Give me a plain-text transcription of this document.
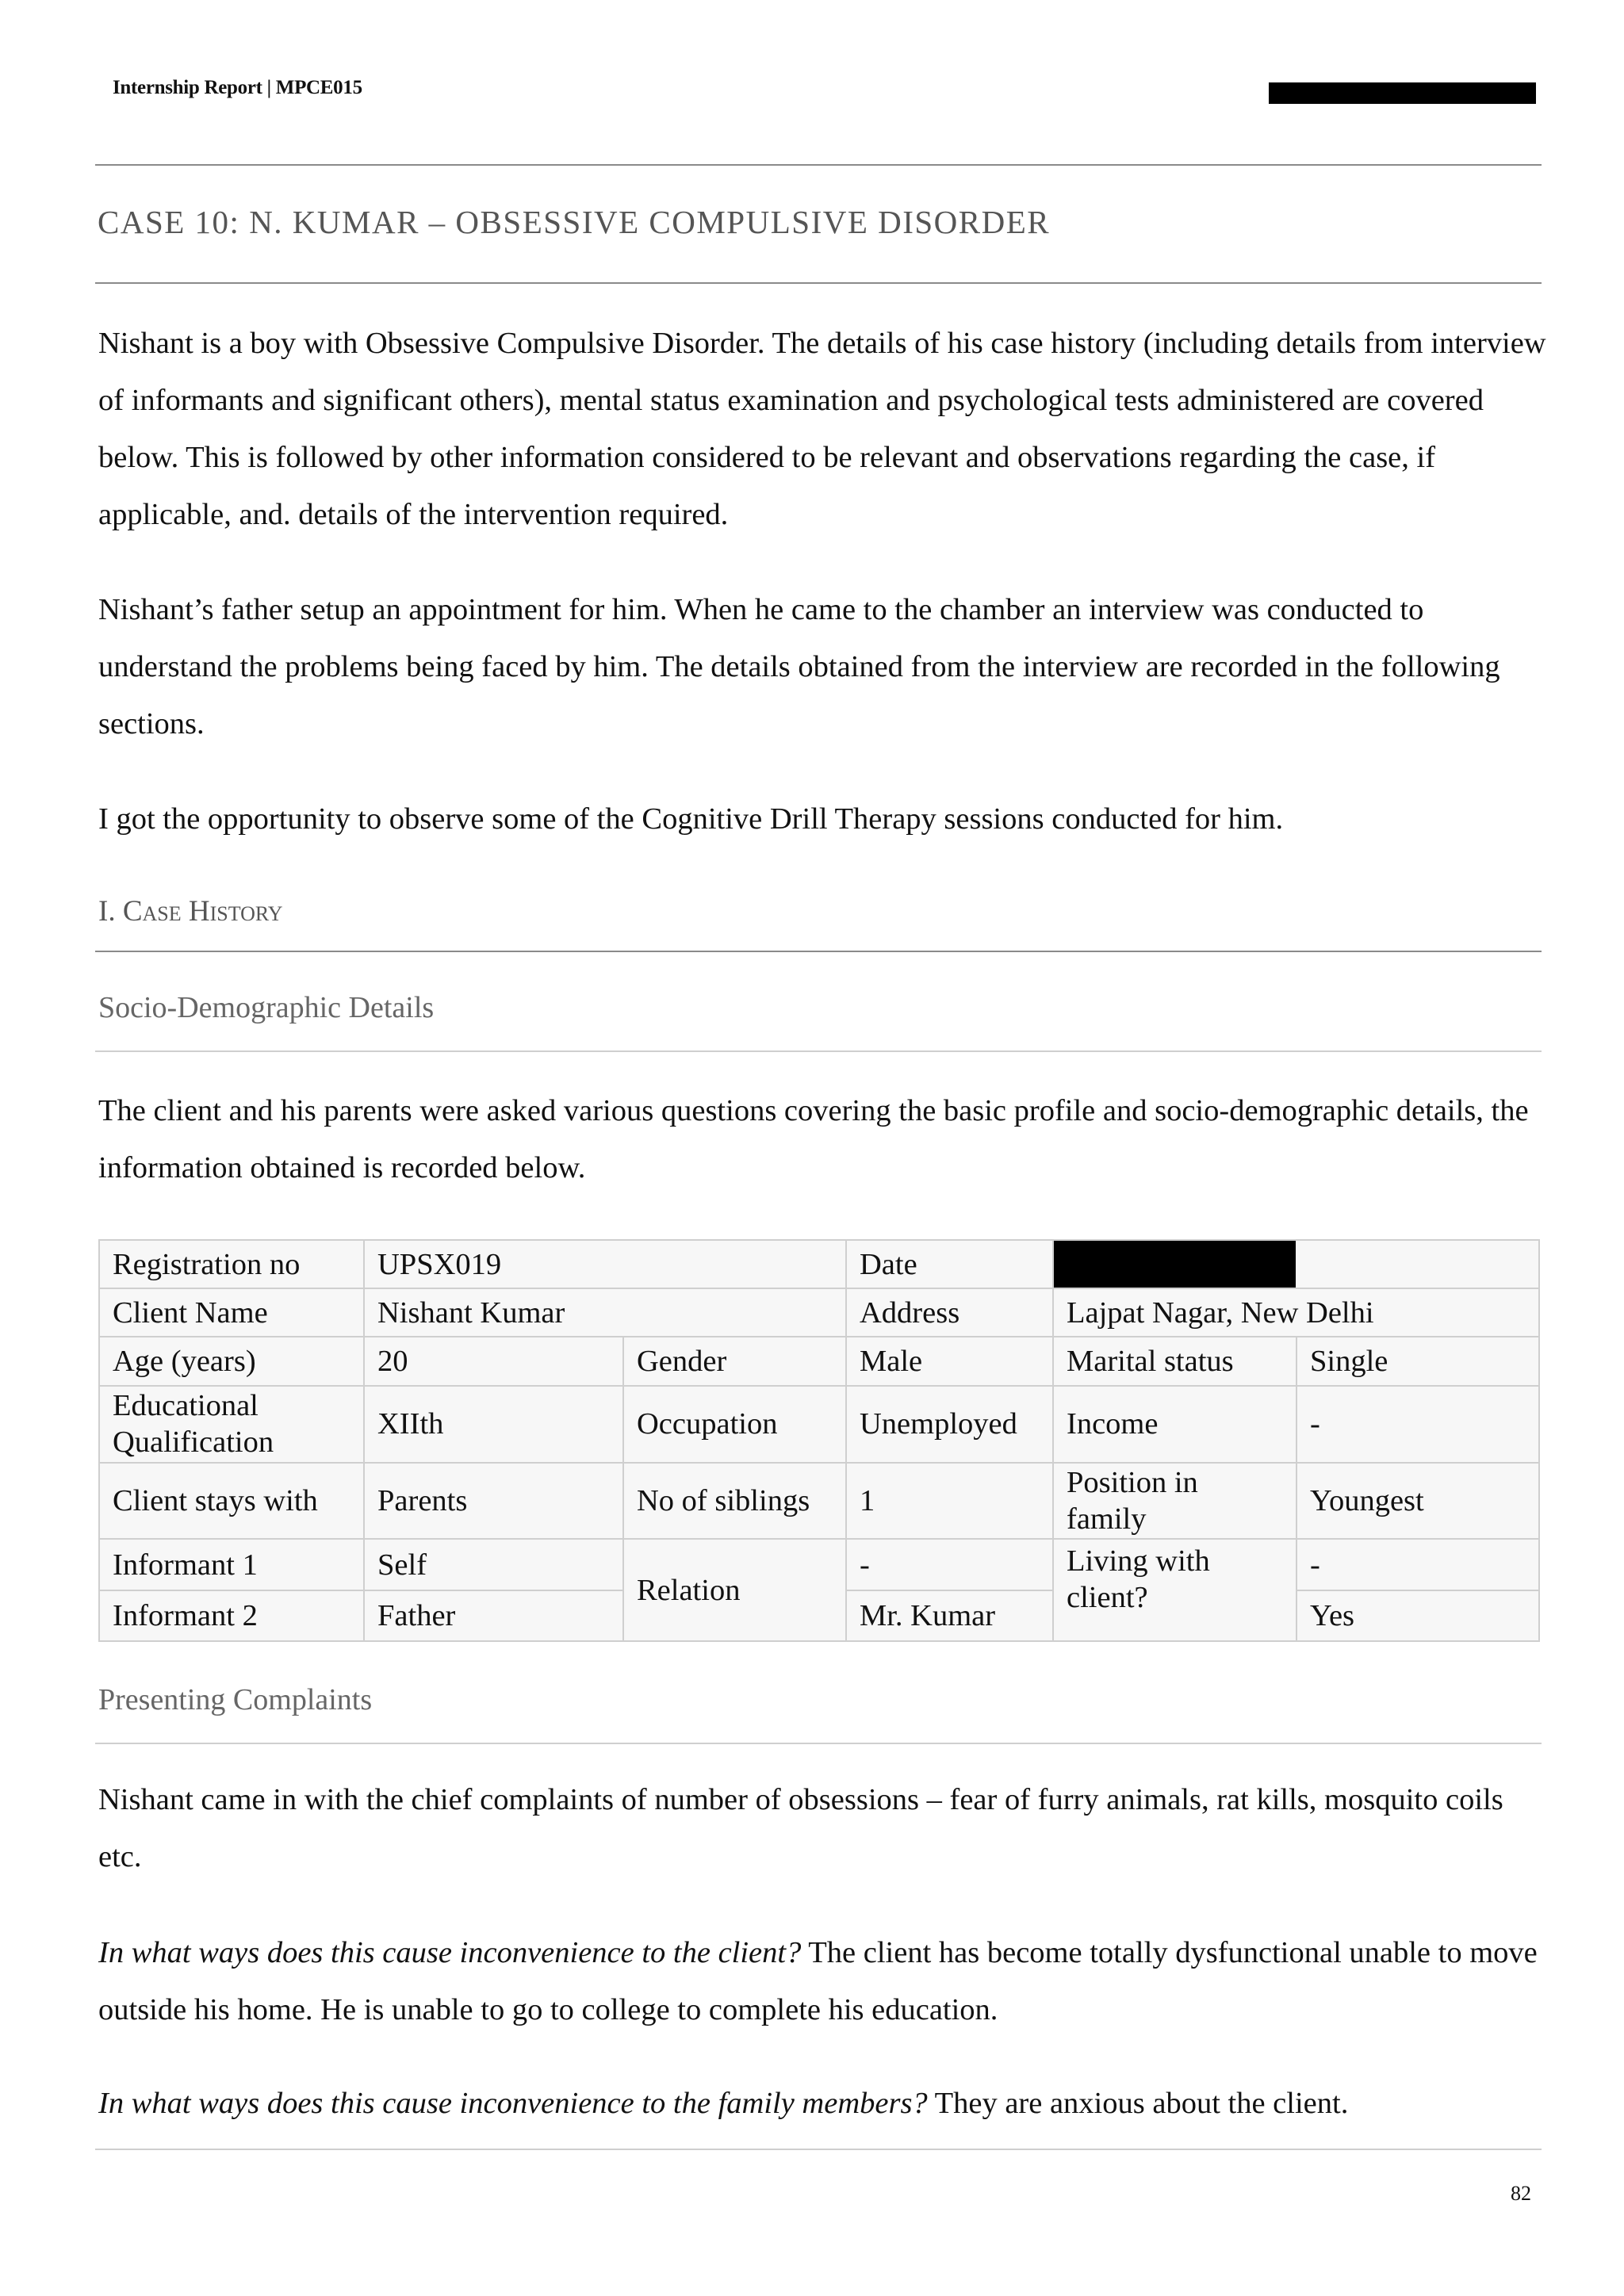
Internship Report | MPCE015
CASE 10: N. KUMAR – OBSESSIVE COMPULSIVE DISORDER

Nishant is a boy with Obsessive Compulsive Disorder. The details of his case history (including details from interview of informants and significant others), mental status examination and psychological tests administered are covered below. This is followed by other information considered to be relevant and observations regarding the case, if applicable, and. details of the intervention required.

Nishant’s father setup an appointment for him. When he came to the chamber an interview was conducted to understand the problems being faced by him. The details obtained from the interview are recorded in the following sections.

I got the opportunity to observe some of the Cognitive Drill Therapy sessions conducted for him.

I. Case History
Socio-Demographic Details

The client and his parents were asked various questions covering the basic profile and socio-demographic details, the information obtained is recorded below.

Registration no	UPSX019		Date		

Client Name	Nishant Kumar		Address	Lajpat Nagar, New Delhi	
Age (years)	20	Gender	Male	Marital status	Single
Educational Qualification	XIIth	Occupation	Unemployed	Income	-
Client stays with	Parents	No of siblings	1	Position in family	Youngest
Informant 1	Self	Relation	-	Living with client?	-
Informant 2	Father		Mr. Kumar		Yes
Presenting Complaints

Nishant came in with the chief complaints of number of obsessions – fear of furry animals, rat kills, mosquito coils etc.

In what ways does this cause inconvenience to the client? The client has become totally dysfunctional unable to move outside his home. He is unable to go to college to complete his education.

In what ways does this cause inconvenience to the family members? They are anxious about the client.

82
